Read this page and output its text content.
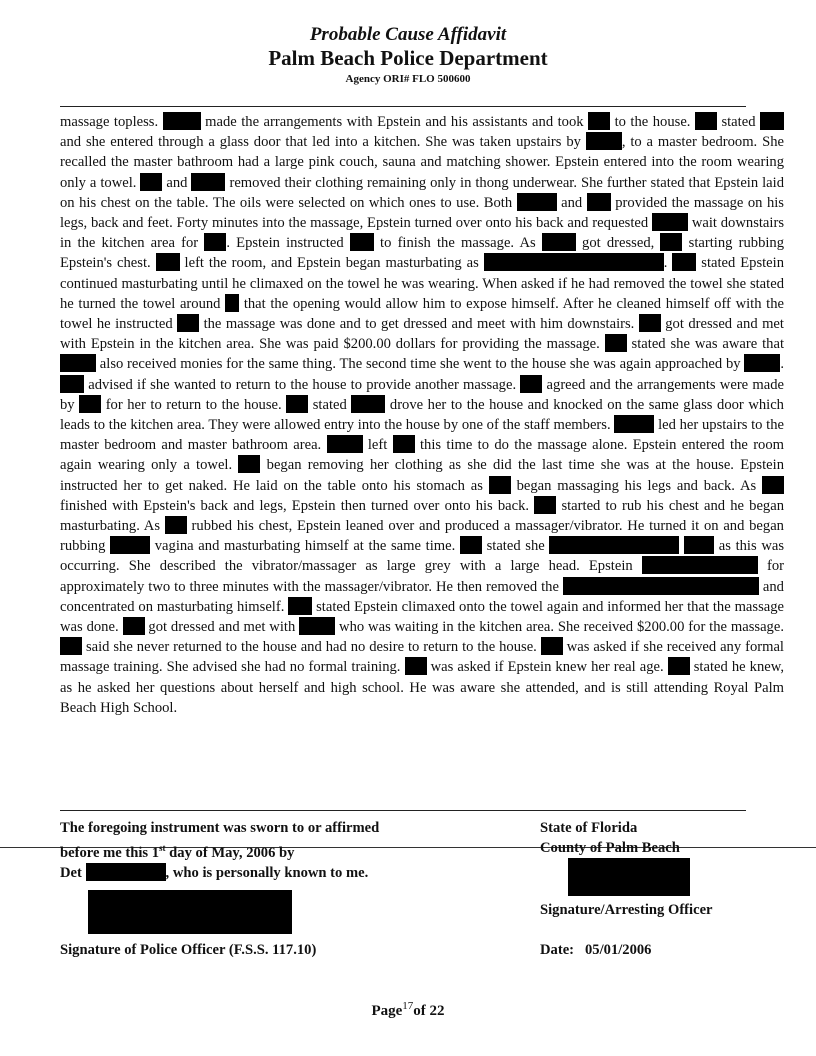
Probable Cause Affidavit
Palm Beach Police Department
Agency ORI# FLO 500600

massage topless.	made the arrangements with Epstein and his assistants and took to the house. stated  and she entered through a glass door that led into a kitchen. She was taken upstairs by	, to a master bedroom. She recalled the master bathroom had a large pink couch, sauna and matching shower. Epstein entered into the room wearing only a towel. and	removed their clothing remaining only in thong underwear. She further stated that Epstein laid on his chest on the table. The oils were selected on which ones to use. Both	and provided the massage on his legs, back and feet. Forty minutes into the massage, Epstein turned over onto his back and requested	wait downstairs in the kitchen area for . Epstein instructed to finish the massage. As	got dressed, starting rubbing Epstein's chest. left the room, and Epstein began masturbating as	. stated Epstein continued masturbating until he climaxed on the towel he was wearing. When asked if he had removed the towel she stated he turned the towel around that the opening would allow him to expose himself. After he cleaned himself off with the towel he instructed the massage was done and to get dressed and meet with him downstairs. got dressed and met with Epstein in the kitchen area. She was paid $200.00 dollars for providing the massage. stated she was aware that  also received monies for the same thing. The second time she went to the house she was again approached by	.  advised if she wanted to return to the house to provide another massage. agreed and the arrangements were made by for her to return to the house. stated	drove her to the house and knocked on the same glass door which leads to the kitchen area. They were allowed entry into the house by one of the staff members.	led her upstairs to the master bedroom and master bathroom area.	left this time to do the massage alone. Epstein entered the room again wearing only a towel. began removing her clothing as she did the last time she was at the house. Epstein instructed her to get naked. He laid on the table onto his stomach as began massaging his legs and back. As  finished with Epstein's back and legs, Epstein then turned over onto his back. started to rub his chest and he began masturbating. As rubbed his chest, Epstein leaned over and produced a massager/vibrator. He turned it on and began rubbing	vagina and masturbating himself at the same time. stated she	as this was occurring. She described the vibrator/massager as large grey with a large head. Epstein	for approximately two to three minutes with the massager/vibrator. He then removed the	and concentrated on masturbating himself. stated Epstein climaxed onto the towel again and informed her that the massage was done. got dressed and met with	who was waiting in the kitchen area. She received $200.00 for the massage.  said she never returned to the house and had no desire to return to the house. was asked if she received any formal massage training. She advised she had no formal training. was asked if Epstein knew her real age. stated he knew, as he asked her questions about herself and high school. He was aware she attended, and is still attending Royal Palm Beach High School.

The foregoing instrument was sworn to or affirmed
before me this 1st day of May, 2006 by
Det	, who is personally known to me.
Signature of Police Officer (F.S.S. 117.10)
State of Florida
County of Palm Beach
Signature/Arresting Officer
Date: 05/01/2006
Page$^{17}$of 22
